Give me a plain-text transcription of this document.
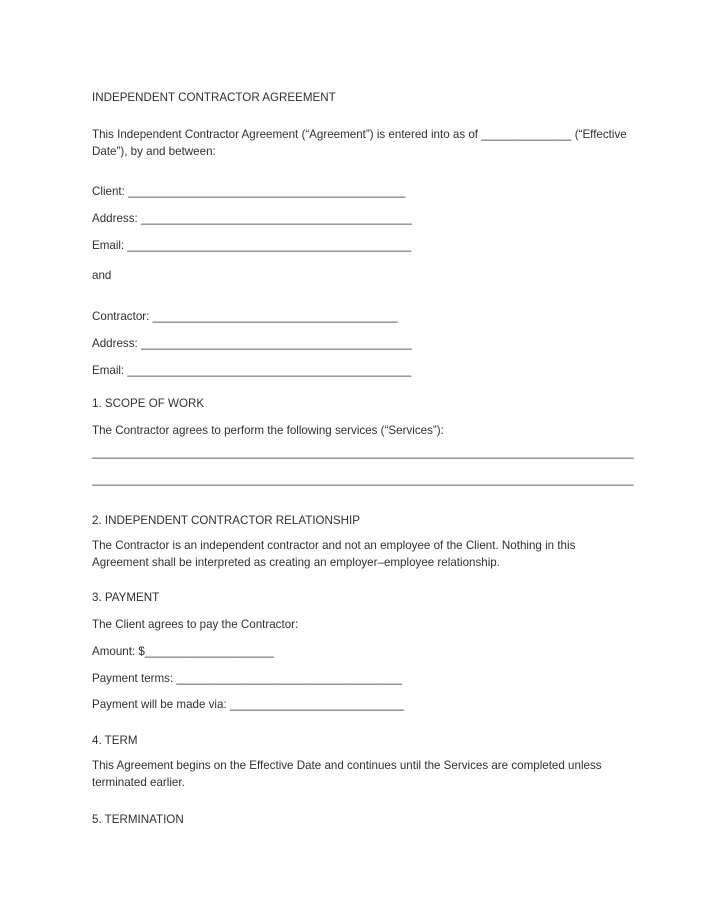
INDEPENDENT CONTRACTOR AGREEMENT
This Independent Contractor Agreement (“Agreement”) is entered into as of ______________ (“Effective
Date”), by and between:
Client: ___________________________________________
Address: __________________________________________
Email: ____________________________________________
and
Contractor: ______________________________________
Address: __________________________________________
Email: ____________________________________________
1. SCOPE OF WORK
The Contractor agrees to perform the following services (“Services”):
____________________________________________________________________________________
____________________________________________________________________________________
2. INDEPENDENT CONTRACTOR RELATIONSHIP
The Contractor is an independent contractor and not an employee of the Client. Nothing in this
Agreement shall be interpreted as creating an employer–employee relationship.
3. PAYMENT
The Client agrees to pay the Contractor:
Amount: $____________________
Payment terms: ___________________________________
Payment will be made via: ___________________________
4. TERM
This Agreement begins on the Effective Date and continues until the Services are completed unless
terminated earlier.
5. TERMINATION
